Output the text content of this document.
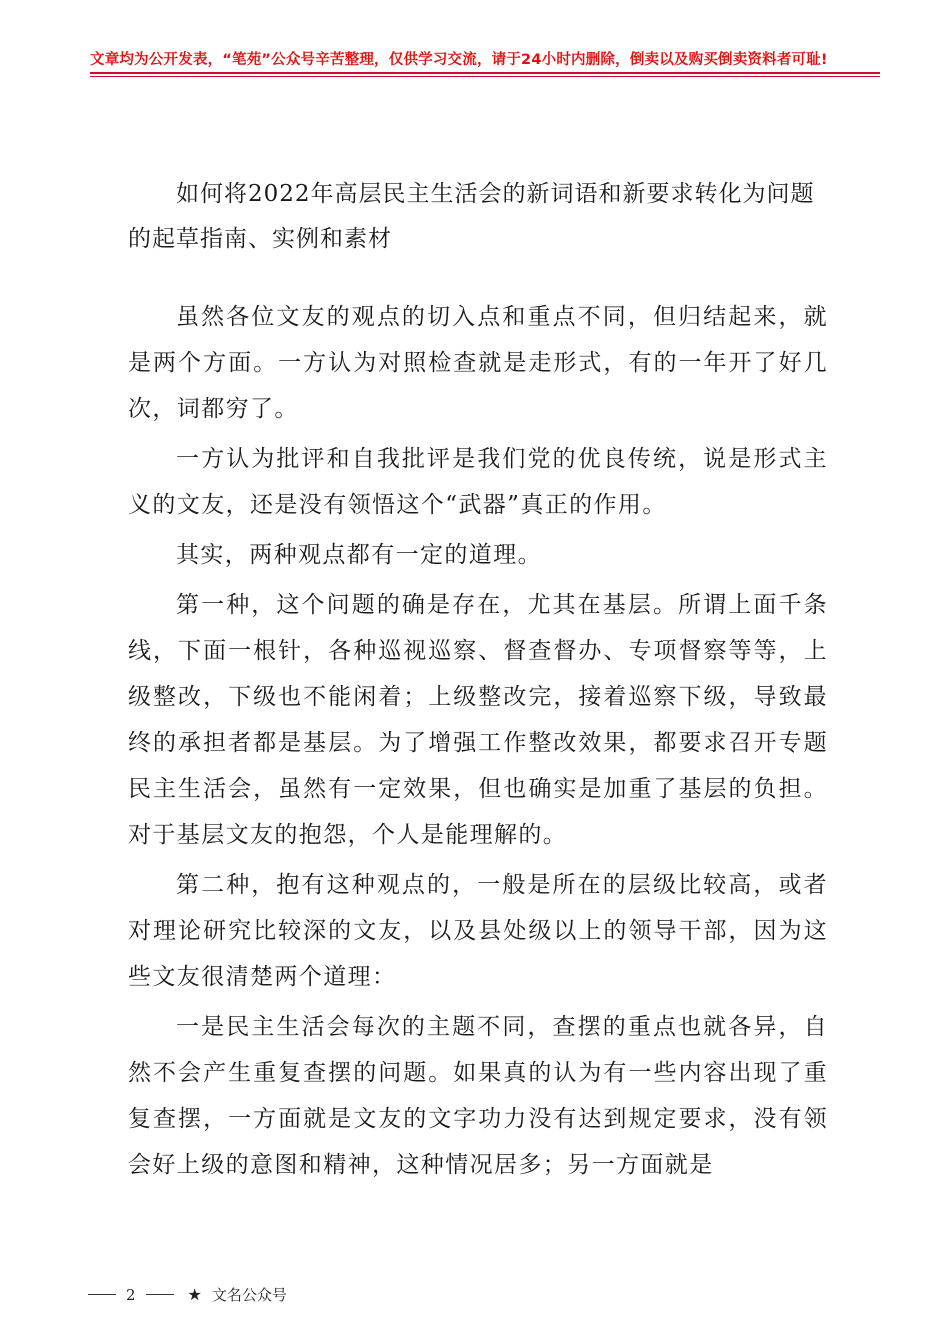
文章均为公开发表，“笔苑”公众号辛苦整理，仅供学习交流，请于24小时内删除，倒卖以及购买倒卖资料者可耻!

如何将2022年高层民主生活会的新词语和新要求转化为问题的起草指南、实例和素材

虽然各位文友的观点的切入点和重点不同，但归结起来，就是两个方面。一方认为对照检查就是走形式，有的一年开了好几次，词都穷了。

一方认为批评和自我批评是我们党的优良传统，说是形式主义的文友，还是没有领悟这个“武器”真正的作用。

其实，两种观点都有一定的道理。

第一种，这个问题的确是存在，尤其在基层。所谓上面千条线，下面一根针，各种巡视巡察、督查督办、专项督察等等，上级整改，下级也不能闲着；上级整改完，接着巡察下级，导致最终的承担者都是基层。为了增强工作整改效果，都要求召开专题民主生活会，虽然有一定效果，但也确实是加重了基层的负担。对于基层文友的抱怨，个人是能理解的。

第二种，抱有这种观点的，一般是所在的层级比较高，或者对理论研究比较深的文友，以及县处级以上的领导干部，因为这些文友很清楚两个道理：

一是民主生活会每次的主题不同，查摆的重点也就各异，自然不会产生重复查摆的问题。如果真的认为有一些内容出现了重复查摆，一方面就是文友的文字功力没有达到规定要求，没有领会好上级的意图和精神，这种情况居多；另一方面就是

2	★ 文名公众号
